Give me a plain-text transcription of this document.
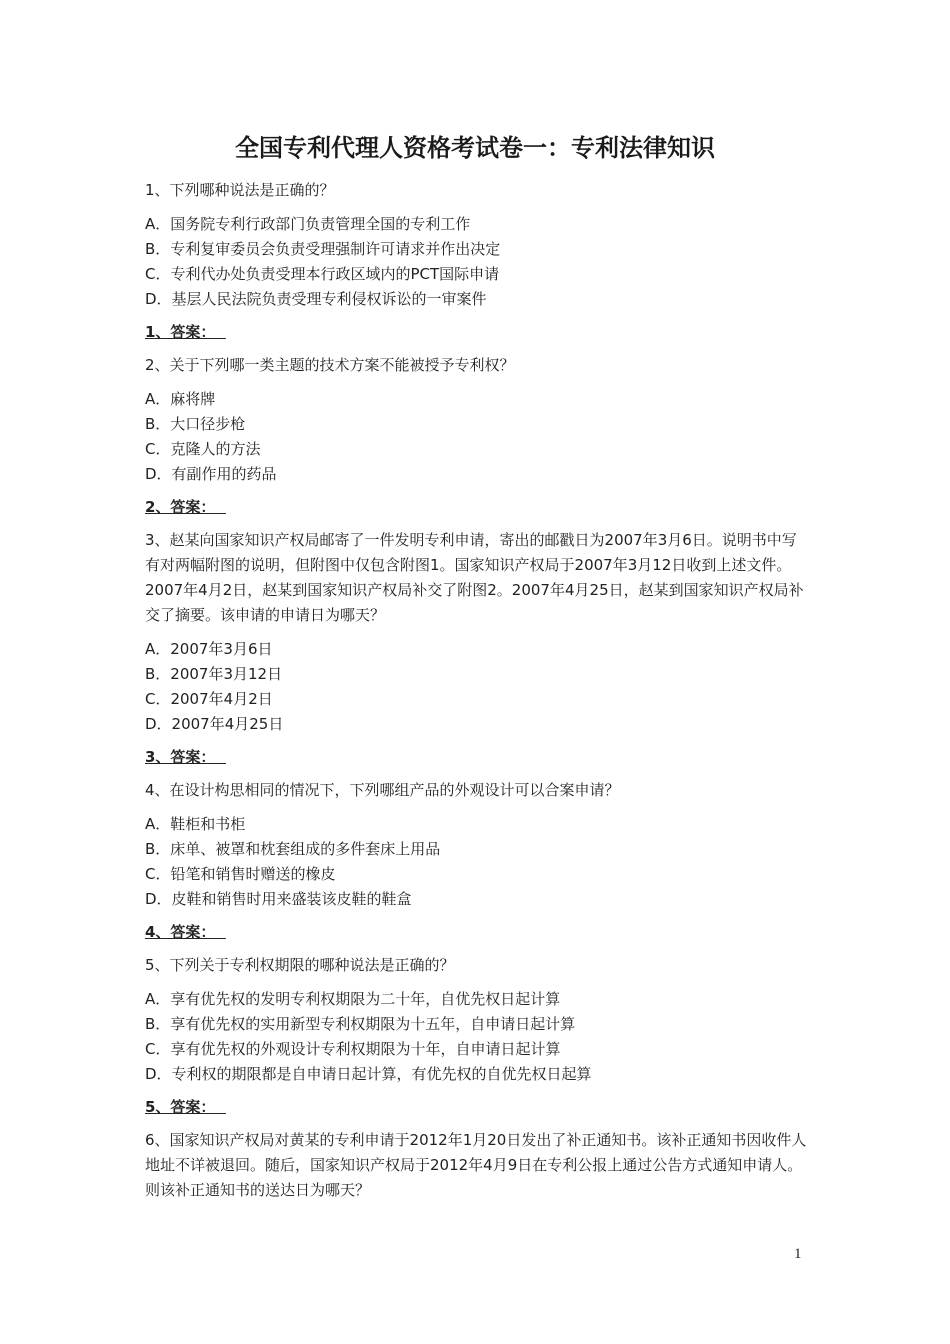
全国专利代理人资格考试卷一：专利法律知识
1、下列哪种说法是正确的？
A．国务院专利行政部门负责管理全国的专利工作
B．专利复审委员会负责受理强制许可请求并作出决定
C．专利代办处负责受理本行政区域内的PCT国际申请
D．基层人民法院负责受理专利侵权诉讼的一审案件
1、答案：
2、关于下列哪一类主题的技术方案不能被授予专利权？
A．麻将牌
B．大口径步枪
C．克隆人的方法
D．有副作用的药品
2、答案：
3、赵某向国家知识产权局邮寄了一件发明专利申请，寄出的邮戳日为2007年3月6日。说明书中写有对两幅附图的说明，但附图中仅包含附图1。国家知识产权局于2007年3月12日收到上述文件。2007年4月2日，赵某到国家知识产权局补交了附图2。2007年4月25日，赵某到国家知识产权局补交了摘要。该申请的申请日为哪天？
A．2007年3月6日
B．2007年3月12日
C．2007年4月2日
D．2007年4月25日
3、答案：
4、在设计构思相同的情况下，下列哪组产品的外观设计可以合案申请？
A．鞋柜和书柜
B．床单、被罩和枕套组成的多件套床上用品
C．铅笔和销售时赠送的橡皮
D．皮鞋和销售时用来盛装该皮鞋的鞋盒
4、答案：
5、下列关于专利权期限的哪种说法是正确的？
A．享有优先权的发明专利权期限为二十年，自优先权日起计算
B．享有优先权的实用新型专利权期限为十五年，自申请日起计算
C．享有优先权的外观设计专利权期限为十年，自申请日起计算
D．专利权的期限都是自申请日起计算，有优先权的自优先权日起算
5、答案：
6、国家知识产权局对黄某的专利申请于2012年1月20日发出了补正通知书。该补正通知书因收件人地址不详被退回。随后，国家知识产权局于2012年4月9日在专利公报上通过公告方式通知申请人。则该补正通知书的送达日为哪天？
1
